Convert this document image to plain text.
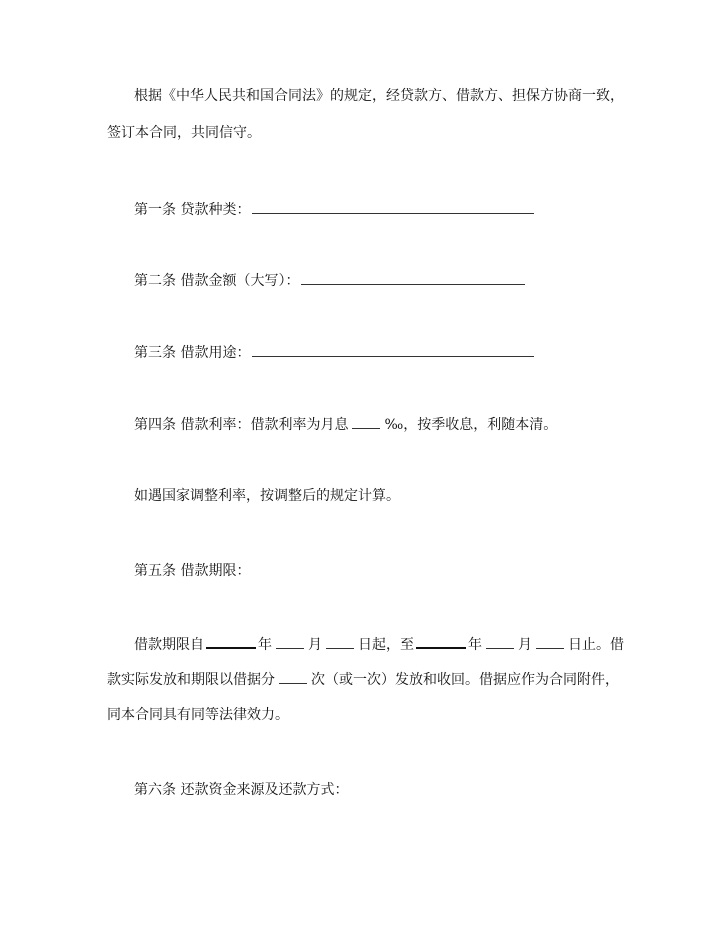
根据《中华人民共和国合同法》的规定，经贷款方、借款方、担保方协商一致，
签订本合同，共同信守。
第一条 贷款种类：
第二条 借款金额（大写）：
第三条 借款用途：
第四条 借款利率：借款利率为月息	‰，按季收息，利随本清。
如遇国家调整利率，按调整后的规定计算。
第五条 借款期限：
借款期限自	年	月	日起，至	年	月	日止。借
款实际发放和期限以借据分	次（或一次）发放和收回。借据应作为合同附件，
同本合同具有同等法律效力。
第六条 还款资金来源及还款方式：
